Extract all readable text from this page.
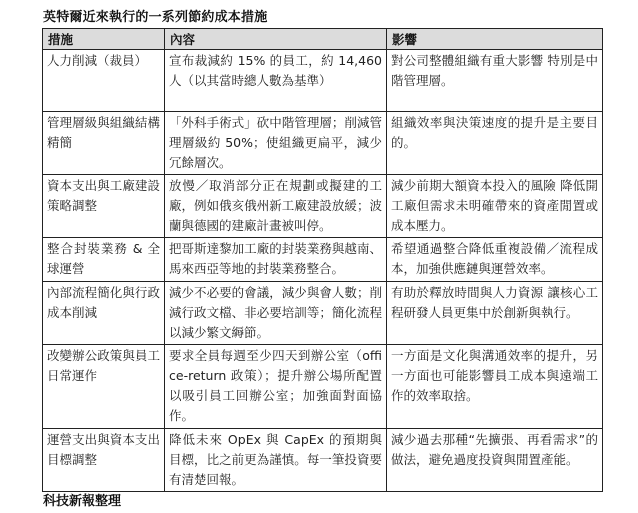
英特爾近來執行的一系列節約成本措施
措施	內容	影響
人力削減（裁員）	宣布裁減約 15% 的員工，約 14,460 人（以其當時總人數為基準）	對公司整體組織有重大影響 特別是中階管理層。
管理層級與組織結構精簡	「外科手術式」砍中階管理層；削減管理層級約 50%；使組織更扁平，減少冗餘層次。	組織效率與決策速度的提升是主要目的。
資本支出與工廠建設策略調整	放慢／取消部分正在規劃或擬建的工廠，例如俄亥俄州新工廠建設放緩；波蘭與德國的建廠計畫被叫停。	減少前期大額資本投入的風險 降低開工廠但需求未明確帶來的資產閒置或成本壓力。
整合封裝業務 & 全球運營	把哥斯達黎加工廠的封裝業務與越南、馬來西亞等地的封裝業務整合。	希望通過整合降低重複設備／流程成本，加強供應鏈與運營效率。
內部流程簡化與行政成本削減	減少不必要的會議，減少與會人數；削減行政文檔、非必要培訓等；簡化流程以減少繁文縟節。	有助於釋放時間與人力資源 讓核心工程研發人員更集中於創新與執行。
改變辦公政策與員工日常運作	要求全員每週至少四天到辦公室（office-return 政策）；提升辦公場所配置以吸引員工回辦公室；加強面對面協作。	一方面是文化與溝通效率的提升，另一方面也可能影響員工成本與遠端工作的效率取捨。
運營支出與資本支出目標調整	降低未來 OpEx 與 CapEx 的預期與目標，比之前更為謹慎。每一筆投資要有清楚回報。	減少過去那種“先擴張、再看需求”的做法，避免過度投資與閒置產能。
科技新報整理
